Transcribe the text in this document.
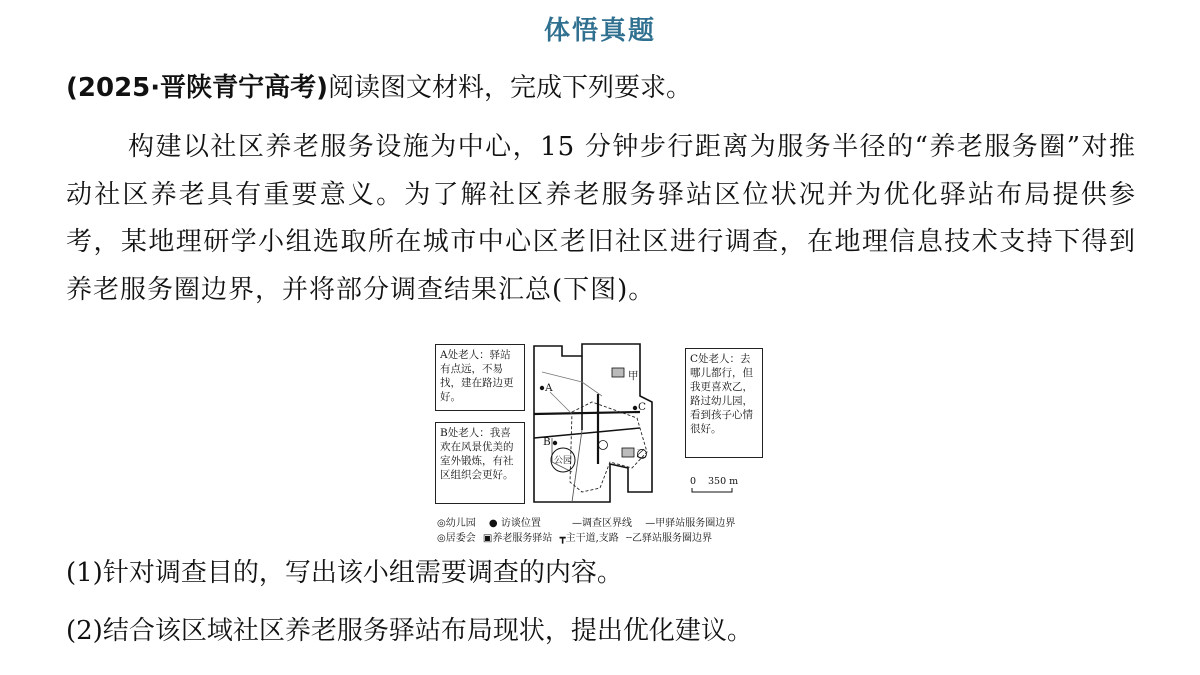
体悟真题
(2025·晋陕青宁高考)阅读图文材料，完成下列要求。
构建以社区养老服务设施为中心，15 分钟步行距离为服务半径的“养老服务圈”对推动社区养老具有重要意义。为了解社区养老服务驿站区位状况并为优化驿站布局提供参考，某地理研学小组选取所在城市中心区老旧社区进行调查，在地理信息技术支持下得到养老服务圈边界，并将部分调查结果汇总(下图)。
A处老人：驿站有点远，不易找，建在路边更好。
B处老人：我喜欢在风景优美的室外锻炼，有社区组织会更好。
C处老人：去哪儿都行，但我更喜欢乙，路过幼儿园，看到孩子心情很好。
甲
乙
A
B
C
公园
0 350 m
◎幼儿园 ● 访谈位置	—调查区界线 —甲驿站服务圈边界
◎居委会 ▣养老服务驿站 ┳主干道,支路 ┄乙驿站服务圈边界
(1)针对调查目的，写出该小组需要调查的内容。
(2)结合该区域社区养老服务驿站布局现状，提出优化建议。
